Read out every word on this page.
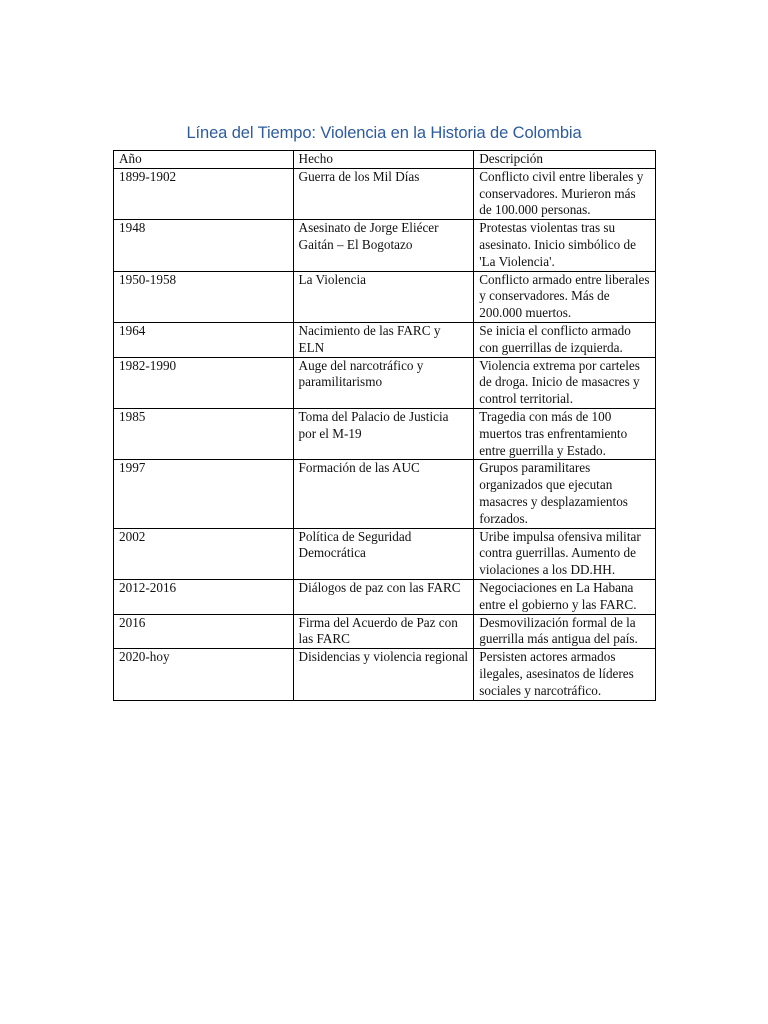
Línea del Tiempo: Violencia en la Historia de Colombia
Año	Hecho	Descripción
1899-1902	Guerra de los Mil Días	Conflicto civil entre liberales y conservadores. Murieron más de 100.000 personas.
1948	Asesinato de Jorge Eliécer Gaitán – El Bogotazo	Protestas violentas tras su asesinato. Inicio simbólico de 'La Violencia'.
1950-1958	La Violencia	Conflicto armado entre liberales y conservadores. Más de 200.000 muertos.
1964	Nacimiento de las FARC y ELN	Se inicia el conflicto armado con guerrillas de izquierda.
1982-1990	Auge del narcotráfico y paramilitarismo	Violencia extrema por carteles de droga. Inicio de masacres y control territorial.
1985	Toma del Palacio de Justicia por el M-19	Tragedia con más de 100 muertos tras enfrentamiento entre guerrilla y Estado.
1997	Formación de las AUC	Grupos paramilitares organizados que ejecutan masacres y desplazamientos forzados.
2002	Política de Seguridad Democrática	Uribe impulsa ofensiva militar contra guerrillas. Aumento de violaciones a los DD.HH.
2012-2016	Diálogos de paz con las FARC	Negociaciones en La Habana entre el gobierno y las FARC.
2016	Firma del Acuerdo de Paz con las FARC	Desmovilización formal de la guerrilla más antigua del país.
2020-hoy	Disidencias y violencia regional	Persisten actores armados ilegales, asesinatos de líderes sociales y narcotráfico.
